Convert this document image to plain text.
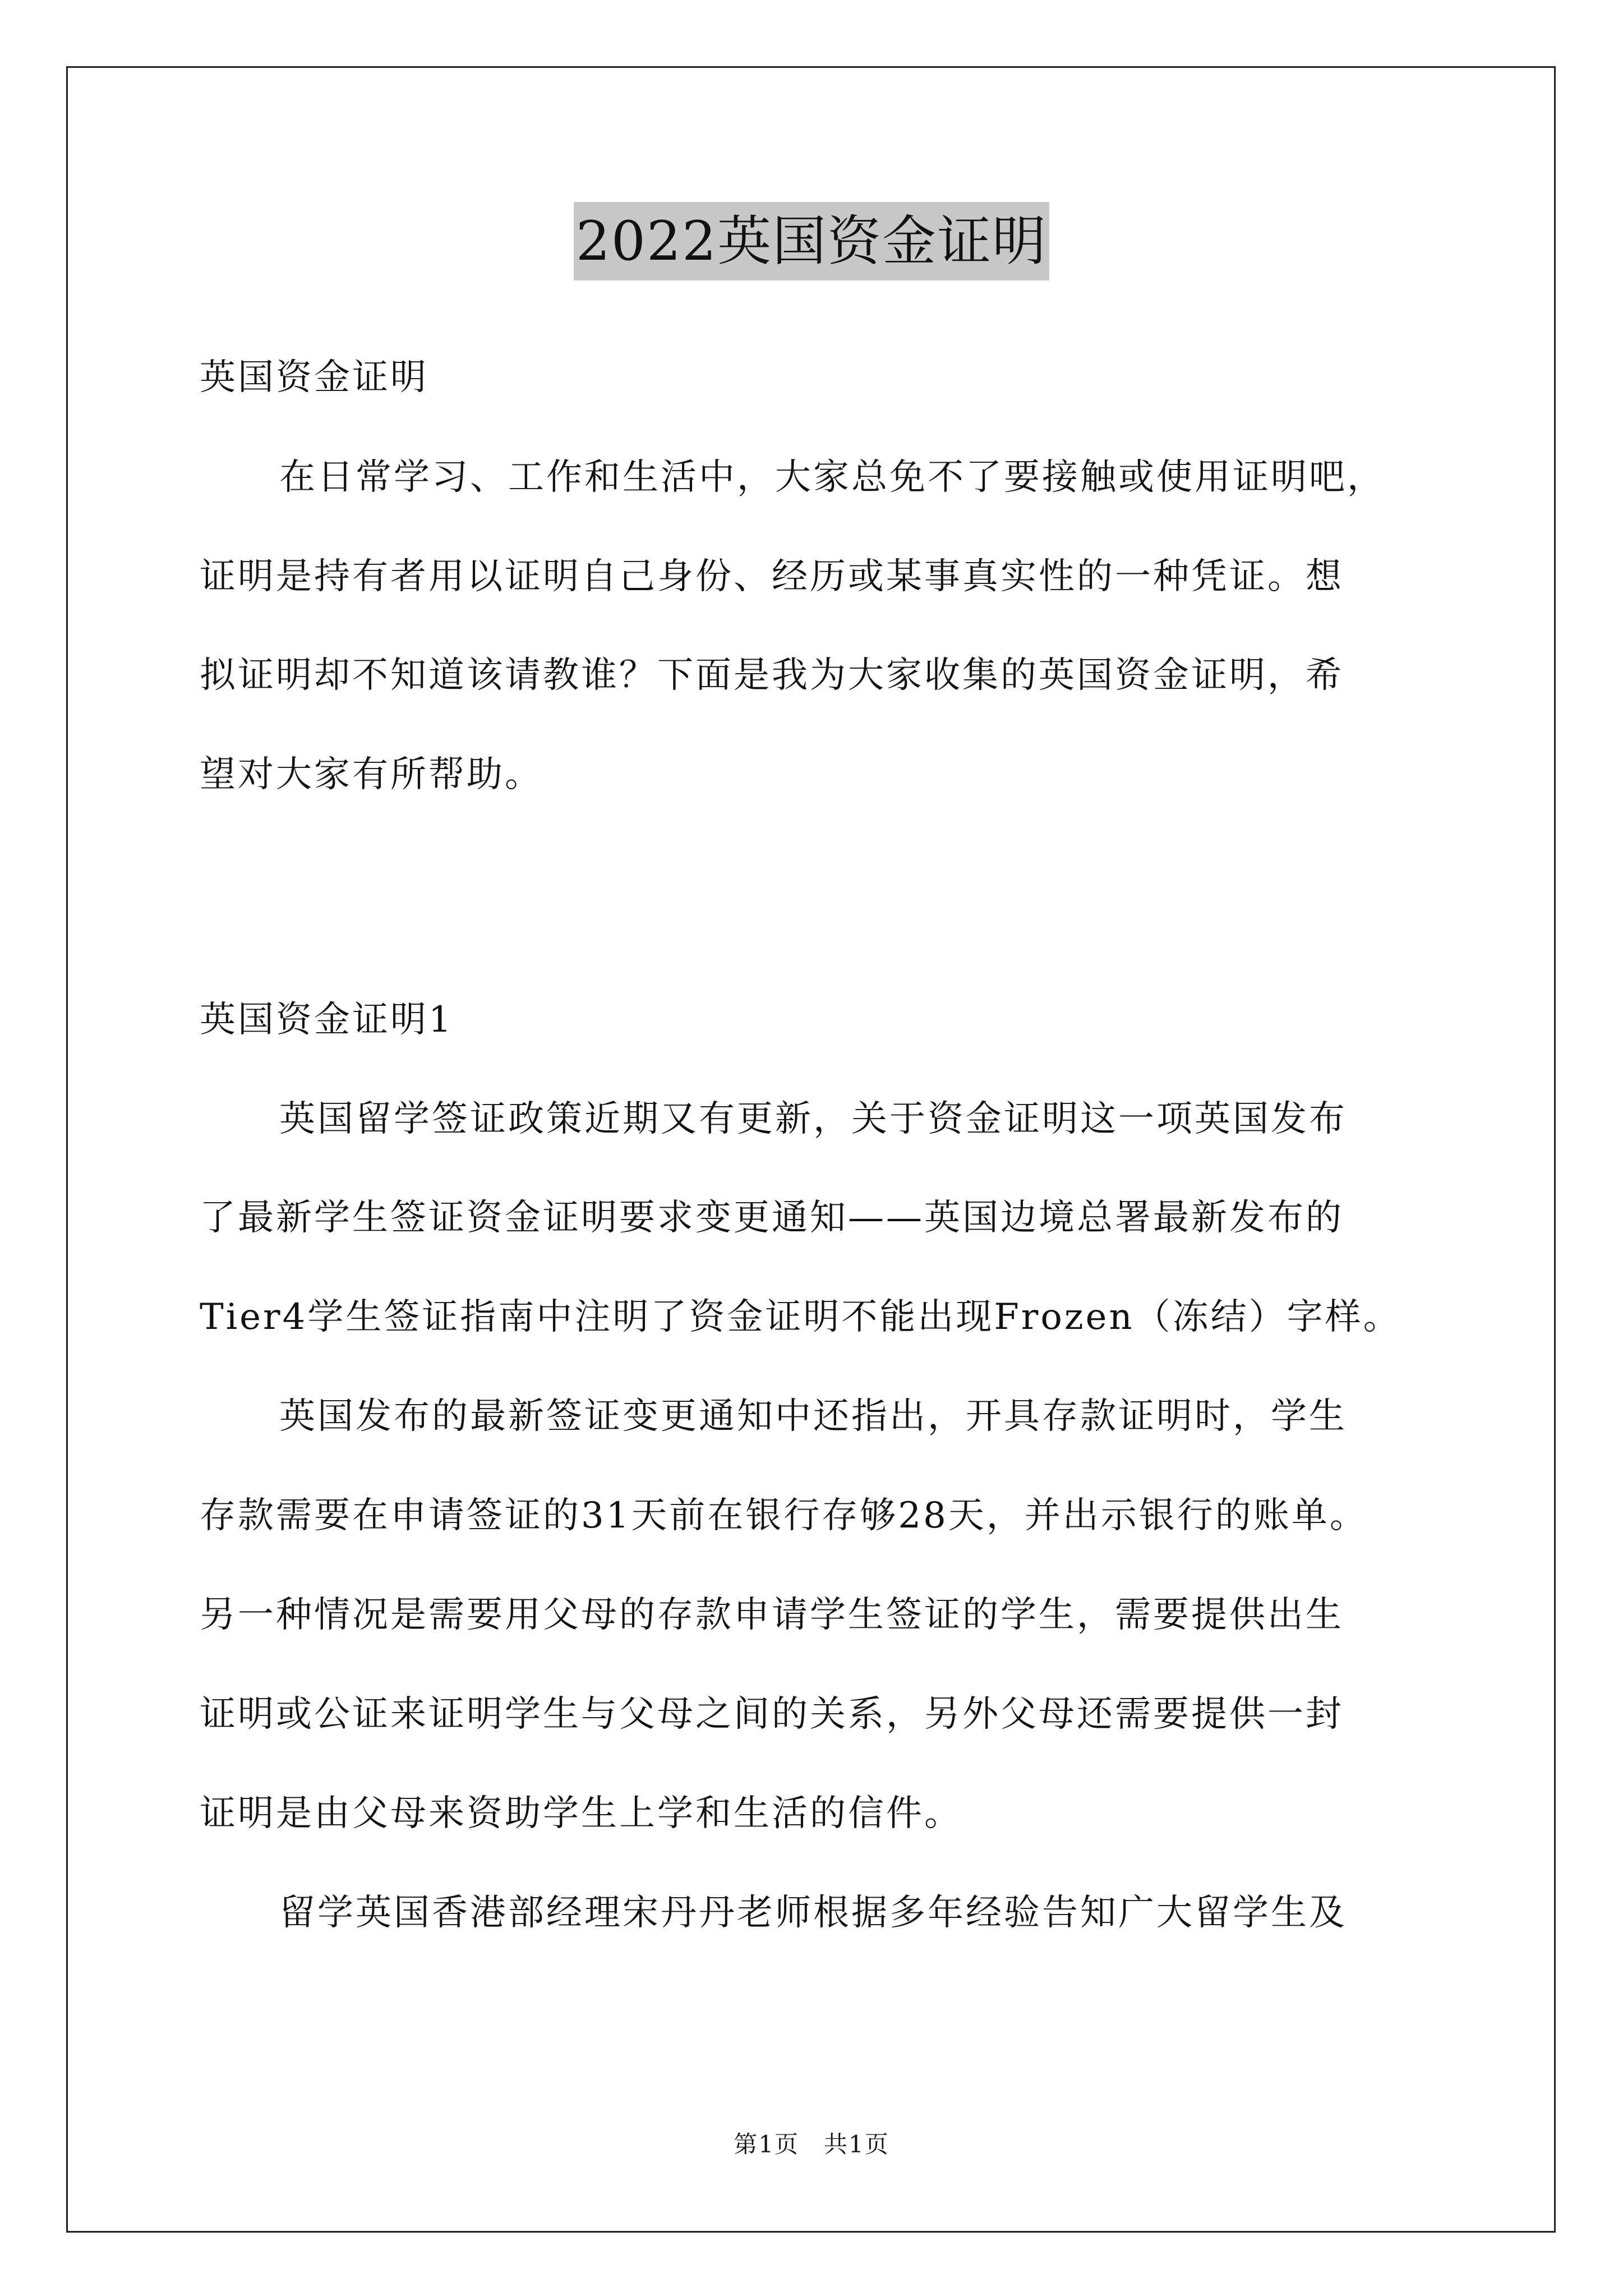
2022英国资金证明
英国资金证明
在日常学习、工作和生活中，大家总免不了要接触或使用证明吧，
证明是持有者用以证明自己身份、经历或某事真实性的一种凭证。想
拟证明却不知道该请教谁？下面是我为大家收集的英国资金证明，希
望对大家有所帮助。
英国资金证明1
英国留学签证政策近期又有更新，关于资金证明这一项英国发布
了最新学生签证资金证明要求变更通知——英国边境总署最新发布的
Tier4学生签证指南中注明了资金证明不能出现Frozen（冻结）字样。
英国发布的最新签证变更通知中还指出，开具存款证明时，学生
存款需要在申请签证的31天前在银行存够28天，并出示银行的账单。
另一种情况是需要用父母的存款申请学生签证的学生，需要提供出生
证明或公证来证明学生与父母之间的关系，另外父母还需要提供一封
证明是由父母来资助学生上学和生活的信件。
留学英国香港部经理宋丹丹老师根据多年经验告知广大留学生及
第1页　共1页
